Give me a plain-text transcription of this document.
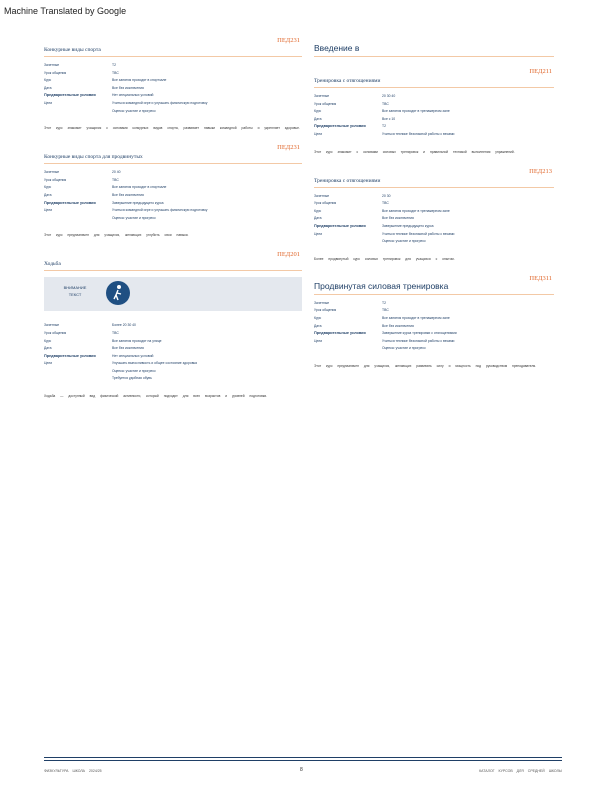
Machine Translated by Google
Конкурные виды спорта
ПЕД231
Зачетные	T2
Урок общения	TBC
Курс	Все занятия проходят в спортзале
Дата	Все без исключения
Предварительные условия	Нет специальных условий
Цели	Учиться командной игре и улучшать физическую подготовку
Оценка: участие и прогресс
Этот курс знакомит учащихся с основами конкурных видов спорта, развивает навыки командной работы и укрепляет здоровье.
Конкурные виды спорта для продвинутых
ПЕД231
Зачетные	20 40
Урок общения	TBC
Курс	Все занятия проходят в спортзале
Дата	Все без исключения
Предварительные условия	Завершение предыдущего курса
Цели	Учиться командной игре и улучшать физическую подготовку
Оценка: участие и прогресс
Этот курс предназначен для учащихся, желающих углубить свои навыки.
Ходьба
ПЕД201
ВНИМАНИЕ ТЕКСТ
Зачетные	Более 20 30 40
Урок общения	TBC
Курс	Все занятия проходят на улице
Дата	Все без исключения
Предварительные условия	Нет специальных условий
Цели	Улучшать выносливость и общее состояние здоровья
Оценка: участие и прогресс
Требуется удобная обувь
Ходьба — доступный вид физической активности, который подходит для всех возрастов и уровней подготовки.
Введение в
Тренировка с отягощениями
ПЕД211
Зачетные	20 30 40
Урок общения	TBC
Курс	Все занятия проходят в тренажерном зале
Дата	Все с 10
Предварительные условия	T2
Цели	Учиться технике безопасной работы с весами
Этот курс знакомит с основами силовых тренировок и правильной техникой выполнения упражнений.
Тренировка с отягощениями
ПЕД213
Зачетные	20 30
Урок общения	TBC
Курс	Все занятия проходят в тренажерном зале
Дата	Все без исключения
Предварительные условия	Завершение предыдущего курса
Цели	Учиться технике безопасной работы с весами
Оценка: участие и прогресс
Более продвинутый курс силовых тренировок для учащихся с опытом.
Продвинутая силовая тренировка
ПЕД311
Зачетные	T2
Урок общения	TBC
Курс	Все занятия проходят в тренажерном зале
Дата	Все без исключения
Предварительные условия	Завершение курса тренировки с отягощениями
Цели	Учиться технике безопасной работы с весами
Оценка: участие и прогресс
Этот курс предназначен для учащихся, желающих развивать силу и мощность под руководством преподавателя.
ФИЗКУЛЬТУРА ШКОЛА 2024/25	8	КАТАЛОГ КУРСОВ ДЛЯ СРЕДНЕЙ ШКОЛЫ
